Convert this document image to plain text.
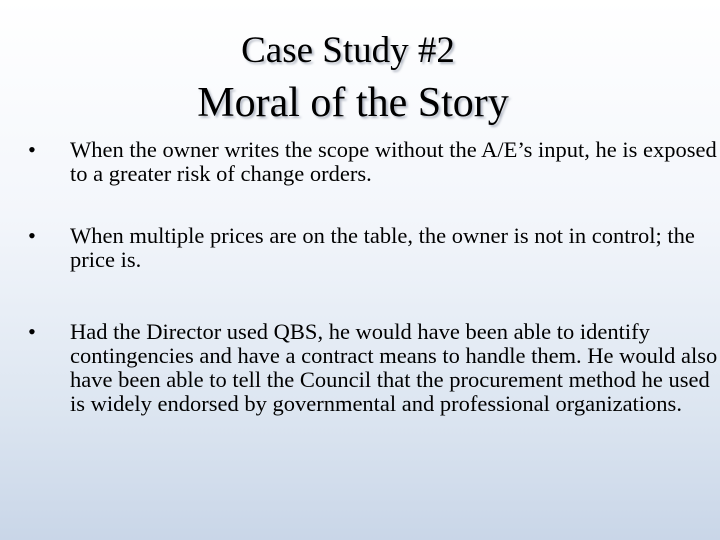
Case Study #2
Moral of the Story
•	When the owner writes the scope without the A/E’s input, he is exposed to a greater risk of change orders.
•	When multiple prices are on the table, the owner is not in control; the price is.
•	Had the Director used QBS, he would have been able to identify contingencies and have a contract means to handle them. He would also have been able to tell the Council that the procurement method he used is widely endorsed by governmental and professional organizations.
